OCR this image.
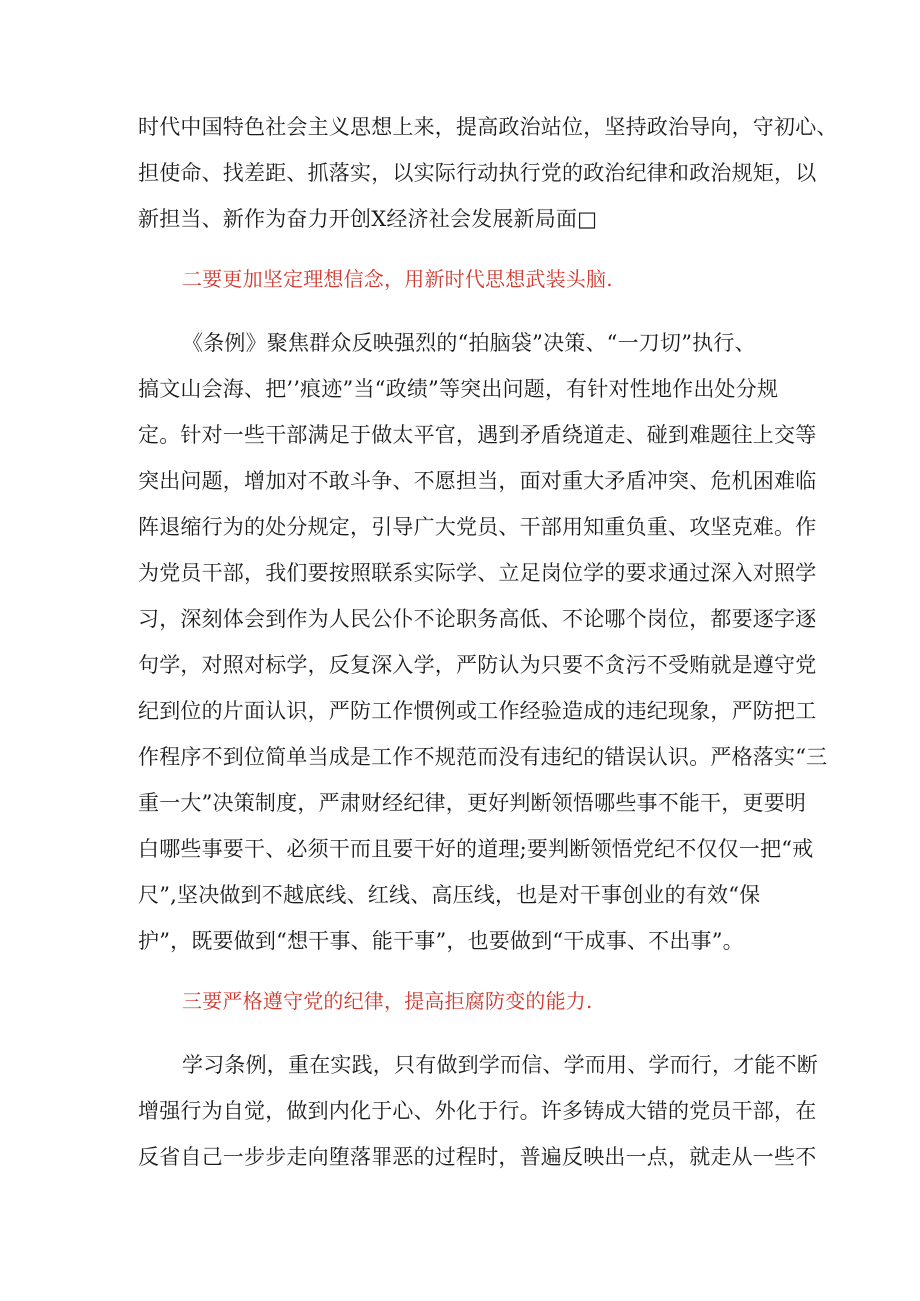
时代中国特色社会主义思想上来，提高政治站位，坚持政治导向，守初心、
担使命、找差距、抓落实，以实际行动执行党的政治纪律和政治规矩，以
新担当、新作为奋力开创X经济社会发展新局面□
二要更加坚定理想信念，用新时代思想武装头脑.
《条例》聚焦群众反映强烈的“拍脑袋”决策、“一刀切”执行、
搞文山会海、把’’痕迹”当“政绩”等突出问题，有针对性地作出处分规
定。针对一些干部满足于做太平官，遇到矛盾绕道走、碰到难题往上交等
突出问题，增加对不敢斗争、不愿担当，面对重大矛盾冲突、危机困难临
阵退缩行为的处分规定，引导广大党员、干部用知重负重、攻坚克难。作
为党员干部，我们要按照联系实际学、立足岗位学的要求通过深入对照学
习，深刻体会到作为人民公仆不论职务高低、不论哪个岗位，都要逐字逐
句学，对照对标学，反复深入学，严防认为只要不贪污不受贿就是遵守党
纪到位的片面认识，严防工作惯例或工作经验造成的违纪现象，严防把工
作程序不到位简单当成是工作不规范而没有违纪的错误认识。严格落实“三
重一大”决策制度，严肃财经纪律，更好判断领悟哪些事不能干，更要明
白哪些事要干、必须干而且要干好的道理;要判断领悟党纪不仅仅一把“戒
尺”,坚决做到不越底线、红线、高压线，也是对干事创业的有效“保
护”，既要做到“想干事、能干事”，也要做到“干成事、不出事”。
三要严格遵守党的纪律，提高拒腐防变的能力.
学习条例，重在实践，只有做到学而信、学而用、学而行，才能不断
增强行为自觉，做到内化于心、外化于行。许多铸成大错的党员干部，在
反省自己一步步走向堕落罪恶的过程时，普遍反映出一点，就走从一些不
